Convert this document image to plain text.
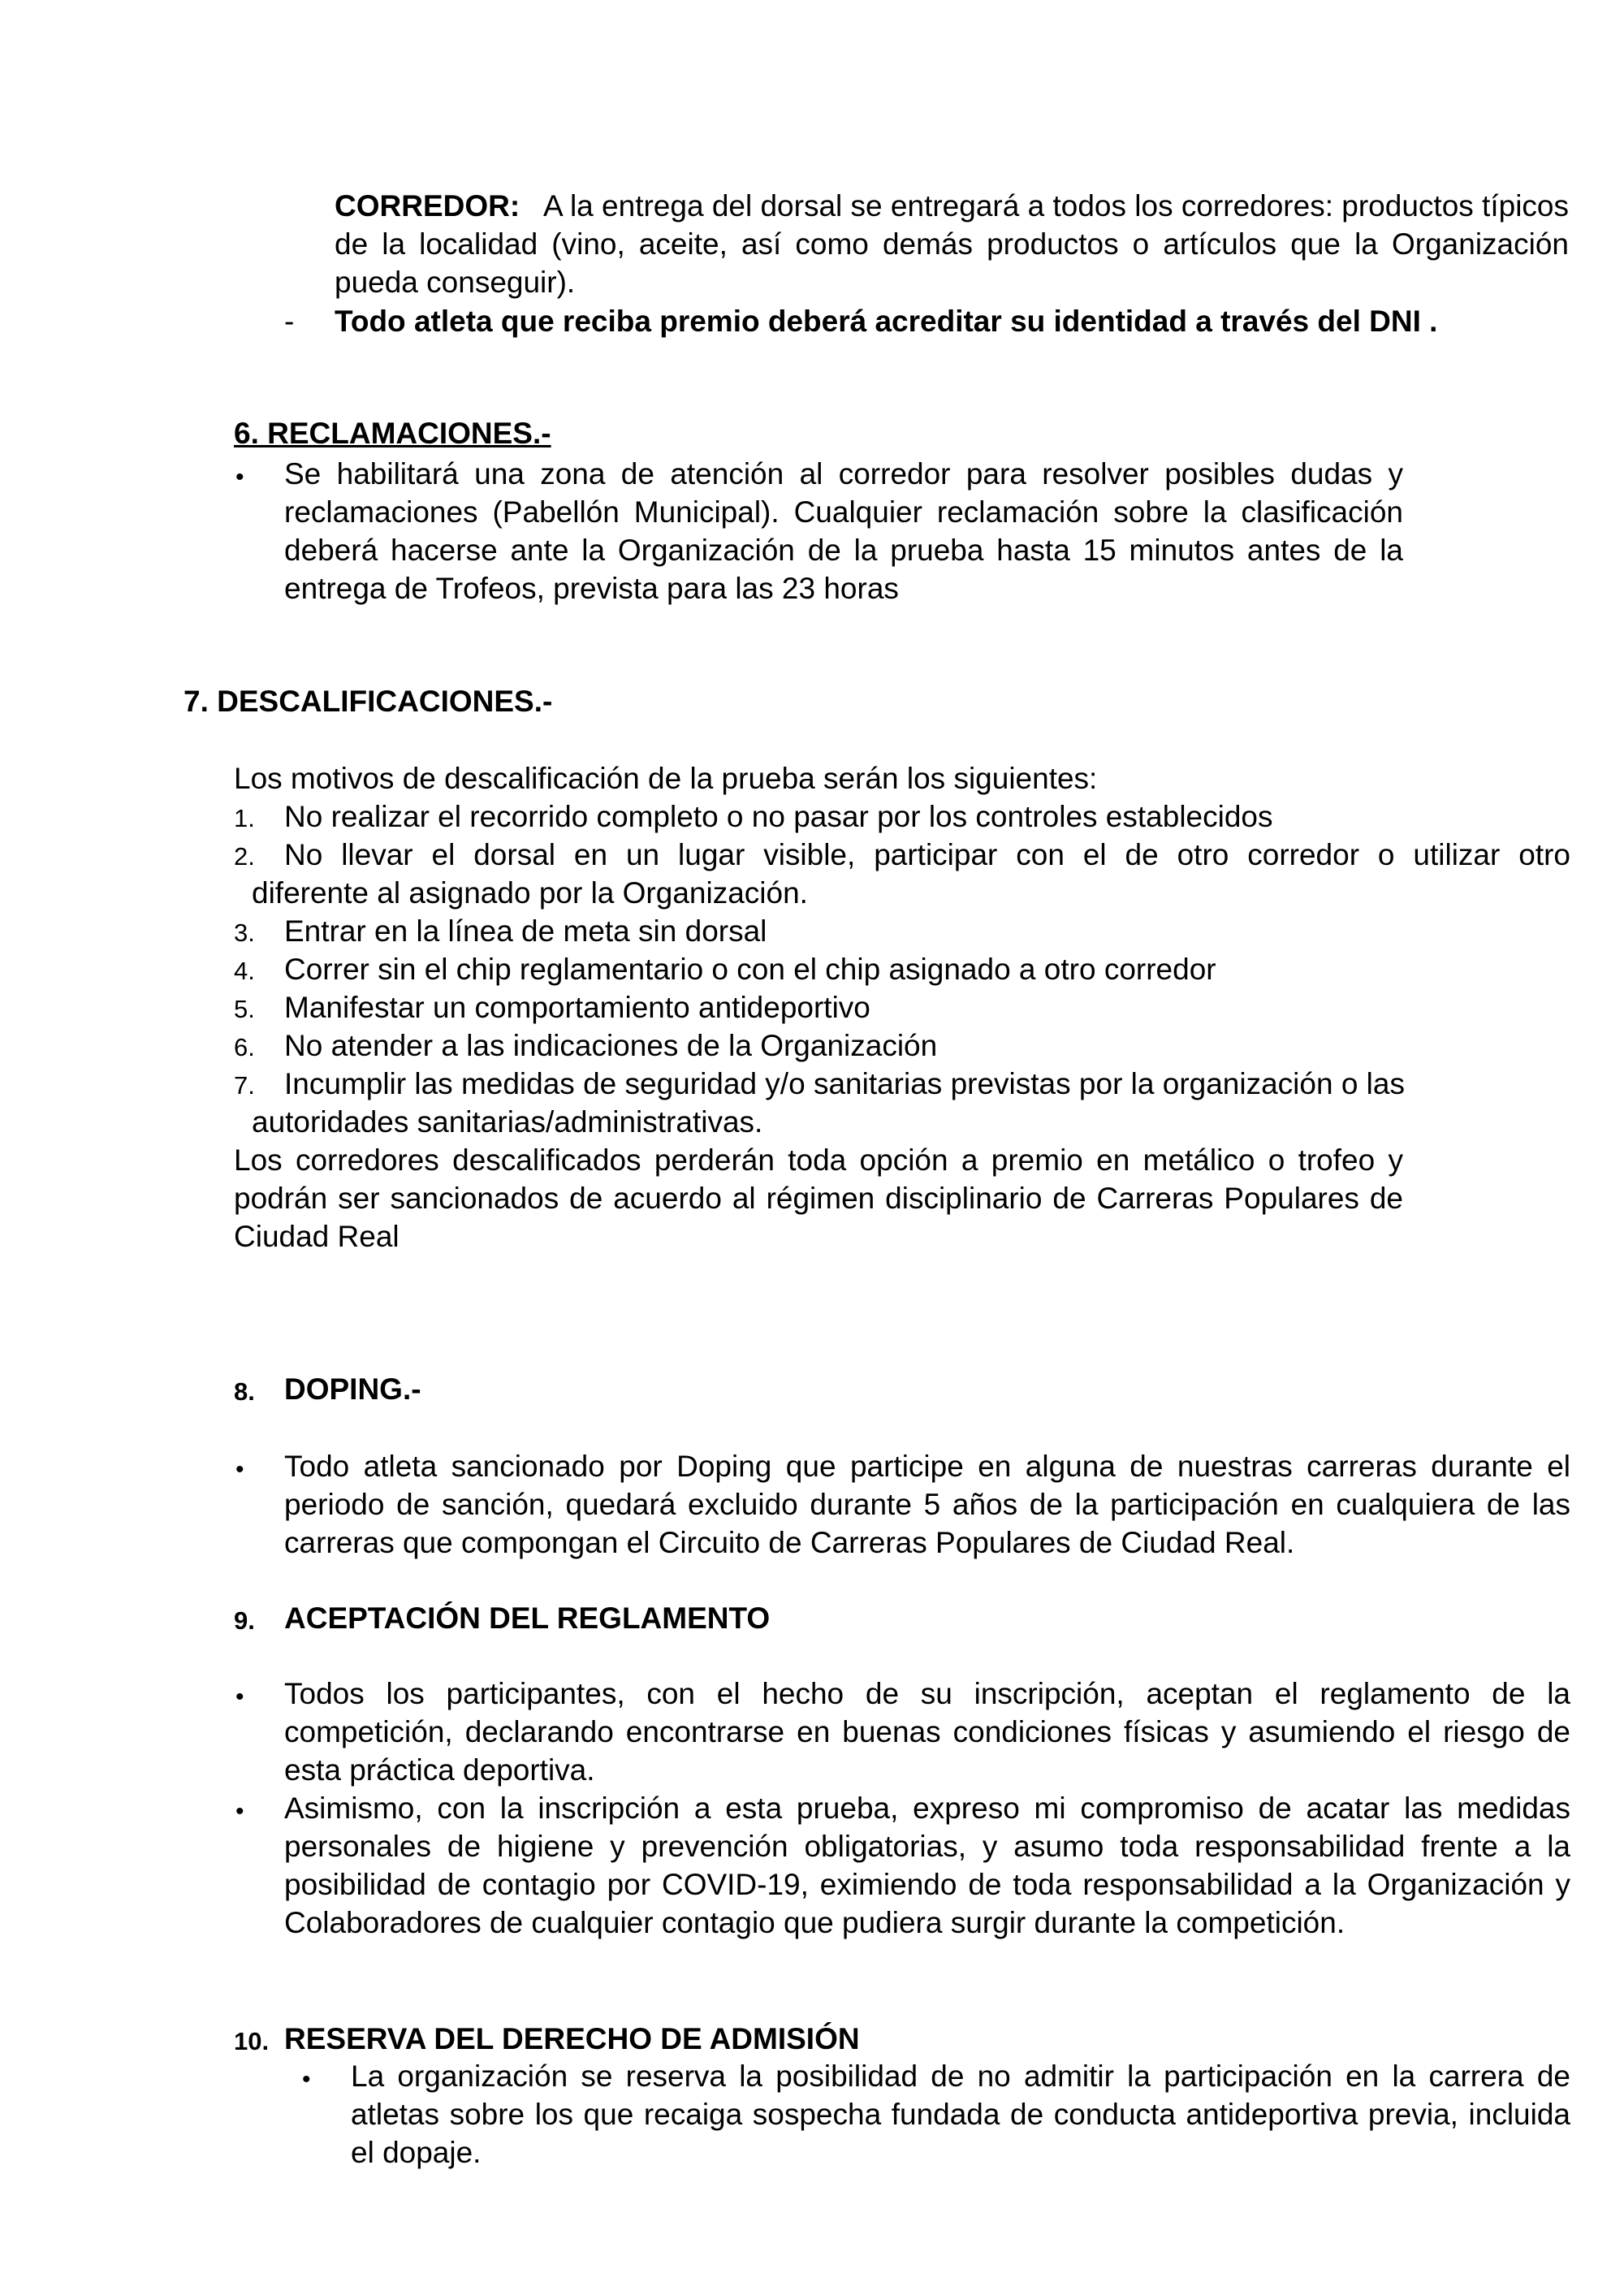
CORREDOR: A la entrega del dorsal se entregará a todos los corredores: productos típicos de la localidad (vino, aceite, así como demás productos o artículos que la Organización pueda conseguir).
- Todo atleta que reciba premio deberá acreditar su identidad a través del DNI .
6. RECLAMACIONES.-
• Se habilitará una zona de atención al corredor para resolver posibles dudas y reclamaciones (Pabellón Municipal). Cualquier reclamación sobre la clasificación deberá hacerse ante la Organización de la prueba hasta 15 minutos antes de la entrega de Trofeos, prevista para las 23 horas
7. DESCALIFICACIONES.-
Los motivos de descalificación de la prueba serán los siguientes:
1. No realizar el recorrido completo o no pasar por los controles establecidos
2. No llevar el dorsal en un lugar visible, participar con el de otro corredor o utilizar otro
diferente al asignado por la Organización.
3. Entrar en la línea de meta sin dorsal
4. Correr sin el chip reglamentario o con el chip asignado a otro corredor
5. Manifestar un comportamiento antideportivo
6. No atender a las indicaciones de la Organización
7. Incumplir las medidas de seguridad y/o sanitarias previstas por la organización o las
autoridades sanitarias/administrativas.
Los corredores descalificados perderán toda opción a premio en metálico o trofeo y podrán ser sancionados de acuerdo al régimen disciplinario de Carreras Populares de Ciudad Real
8. DOPING.-
• Todo atleta sancionado por Doping que participe en alguna de nuestras carreras durante el periodo de sanción, quedará excluido durante 5 años de la participación en cualquiera de las carreras que compongan el Circuito de Carreras Populares de Ciudad Real.
9. ACEPTACIÓN DEL REGLAMENTO
• Todos los participantes, con el hecho de su inscripción, aceptan el reglamento de la competición, declarando encontrarse en buenas condiciones físicas y asumiendo el riesgo de esta práctica deportiva.
• Asimismo, con la inscripción a esta prueba, expreso mi compromiso de acatar las medidas personales de higiene y prevención obligatorias, y asumo toda responsabilidad frente a la posibilidad de contagio por COVID-19, eximiendo de toda responsabilidad a la Organización y Colaboradores de cualquier contagio que pudiera surgir durante la competición.
10. RESERVA DEL DERECHO DE ADMISIÓN
• La organización se reserva la posibilidad de no admitir la participación en la carrera de atletas sobre los que recaiga sospecha fundada de conducta antideportiva previa, incluida el dopaje.
